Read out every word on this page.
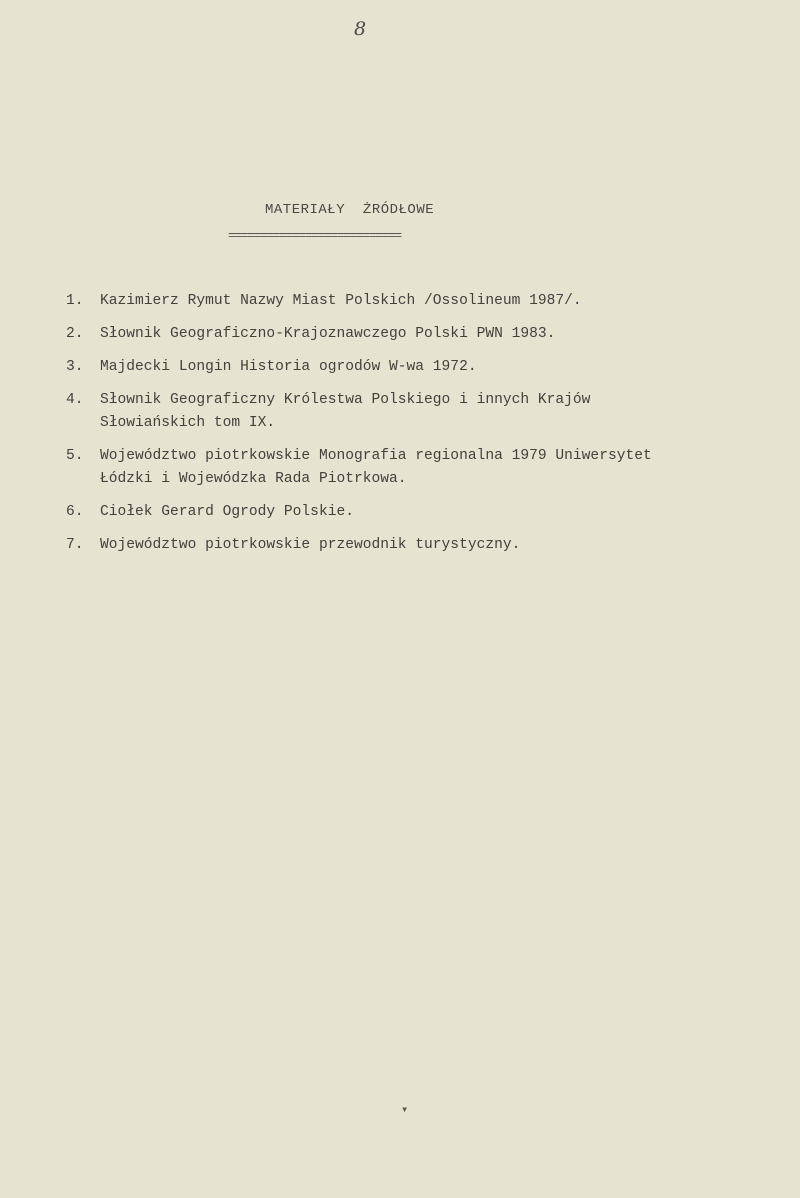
8
MATERIAŁY  ŻRÓDŁOWE
===========================
1.	Kazimierz Rymut Nazwy Miast Polskich /Ossolineum 1987/.
2.	Słownik Geograficzno-Krajoznawczego Polski PWN 1983.
3.	Majdecki Longin Historia ogrodów W-wa 1972.
4.	Słownik Geograficzny Królestwa Polskiego i innych Krajów Słowiańskich tom IX.
5.	Województwo piotrkowskie Monografia regionalna 1979 Uniwersytet Łódzki i Wojewódzka Rada Piotrkowa.
6.	Ciołek Gerard Ogrody Polskie.
7.	Województwo piotrkowskie przewodnik turystyczny.
▾
